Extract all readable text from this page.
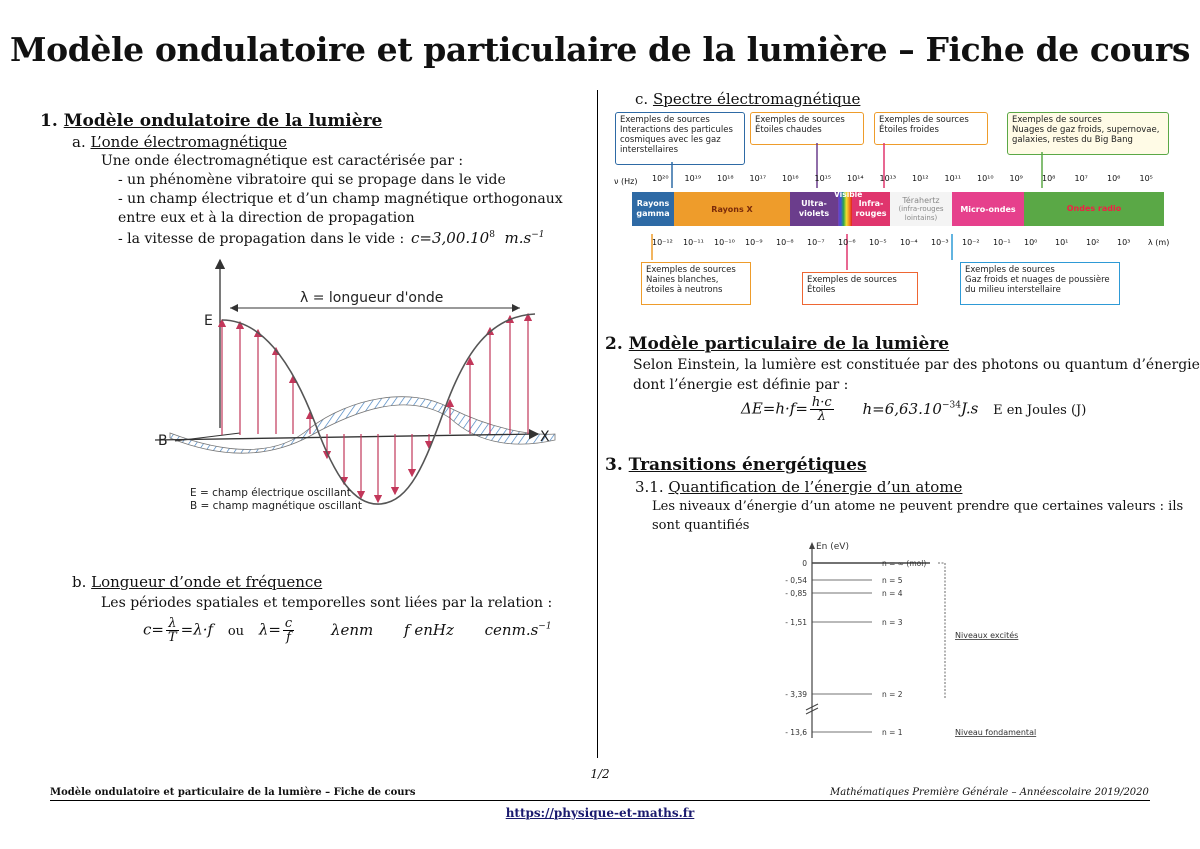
Modèle ondulatoire et particulaire de la lumière – Fiche de cours
1. Modèle ondulatoire de la lumière
a. L’onde électromagnétique
Une onde électromagnétique est caractérisée par :
- un phénomène vibratoire qui se propage dans le vide
- un champ électrique et d’un champ magnétique orthogonaux
entre eux et à la direction de propagation
- la vitesse de propagation dans le vide : $c=3,00.10^8$ $m.s^{-1}$
E
λ = longueur d'onde
X
B
E = champ électrique oscillant
B = champ magnétique oscillant
b. Longueur d’onde et fréquence
Les périodes spatiales et temporelles sont liées par la relation :
$c= \frac{\lambda}{T} =\lambda\cdot f$ ou $\lambda= \frac{c}{f}$ λenm f enHz $cenm.s^{-1}$
c. Spectre électromagnétique
Exemples de sources
Interactions des particules cosmiques avec les gaz interstellaires
Exemples de sources
Étoiles chaudes
Exemples de sources
Étoiles froides
Exemples de sources
Nuages de gaz froids, supernovae, galaxies, restes du Big Bang
ν (Hz) 10²⁰ 10¹⁹ 10¹⁸ 10¹⁷ 10¹⁶ 10¹⁵ 10¹⁴ 10¹³ 10¹² 10¹¹ 10¹⁰ 10⁹ 10⁸ 10⁷ 10⁶ 10⁵
Rayons gamma	Rayons X
Ultra-violets
Visible
Infra-rouges
Térahertz
(infra-rouges lointains)
Micro-ondes	Ondes radio
10⁻¹² 10⁻¹¹ 10⁻¹⁰ 10⁻⁹ 10⁻⁸ 10⁻⁷ 10⁻⁶ 10⁻⁵ 10⁻⁴ 10⁻³ 10⁻² 10⁻¹ 10⁰ 10¹ 10² 10³ λ (m)
Exemples de sources
Naines blanches, étoiles à neutrons
Exemples de sources
Étoiles
Exemples de sources
Gaz froids et nuages de poussière du milieu interstellaire
2. Modèle particulaire de la lumière
Selon Einstein, la lumière est constituée par des photons ou quantum d’énergie
dont l’énergie est définie par :
$\Delta E=h\cdot f= \frac{h\cdot c}{\lambda} h=6,63.10^{-34}J.s$ E en Joules (J)
3. Transitions énergétiques
3.1. Quantification de l’énergie d’un atome
Les niveaux d’énergie d’un atome ne peuvent prendre que certaines valeurs : ils
sont quantifiés
En (eV)
0	n = ∞ (mol)
- 0,54	n = 5
- 0,85	n = 4
- 1,51	n = 3
- 3,39	n = 2
- 13,6	n = 1
Niveaux excités
Niveau fondamental
1/2
Modèle ondulatoire et particulaire de la lumière – Fiche de cours	Mathématiques Première Générale – Annéescolaire 2019/2020
https://physique-et-maths.fr
